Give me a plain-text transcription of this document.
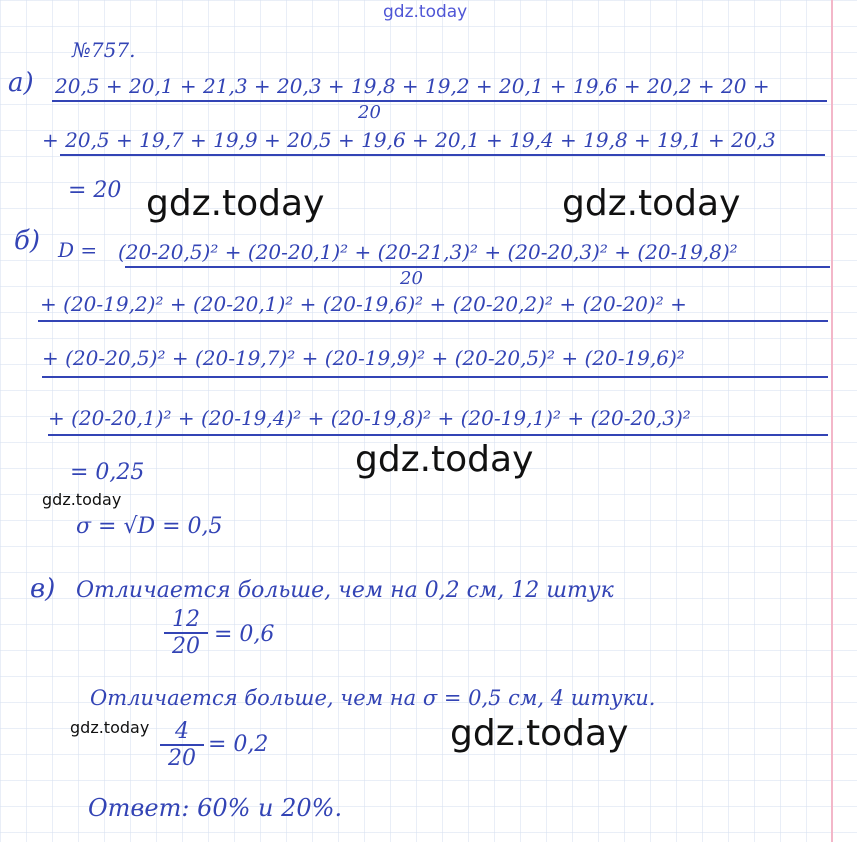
gdz.today
№757.
а) 20,5 + 20,1 + 21,3 + 20,3 + 19,8 + 19,2 + 20,1 + 19,6 + 20,2 + 20 +
20
+ 20,5 + 19,7 + 19,9 + 20,5 + 19,6 + 20,1 + 19,4 + 19,8 + 19,1 + 20,3
= 20 gdz.today	gdz.today
б) D = (20-20,5)² + (20-20,1)² + (20-21,3)² + (20-20,3)² + (20-19,8)²
20
+ (20-19,2)² + (20-20,1)² + (20-19,6)² + (20-20,2)² + (20-20)² +
+ (20-20,5)² + (20-19,7)² + (20-19,9)² + (20-20,5)² + (20-19,6)²
+ (20-20,1)² + (20-19,4)² + (20-19,8)² + (20-19,1)² + (20-20,3)²
= 0,25	gdz.today
gdz.today
σ = √D = 0,5
в) Отличается больше, чем на 0,2 см, 12 штук
$\frac{12}{20} = 0,6$
Отличается больше, чем на σ = 0,5 см, 4 штуки.
gdz.today	gdz.today
$\frac{4}{20} = 0,2$
Ответ: 60% и 20%.
